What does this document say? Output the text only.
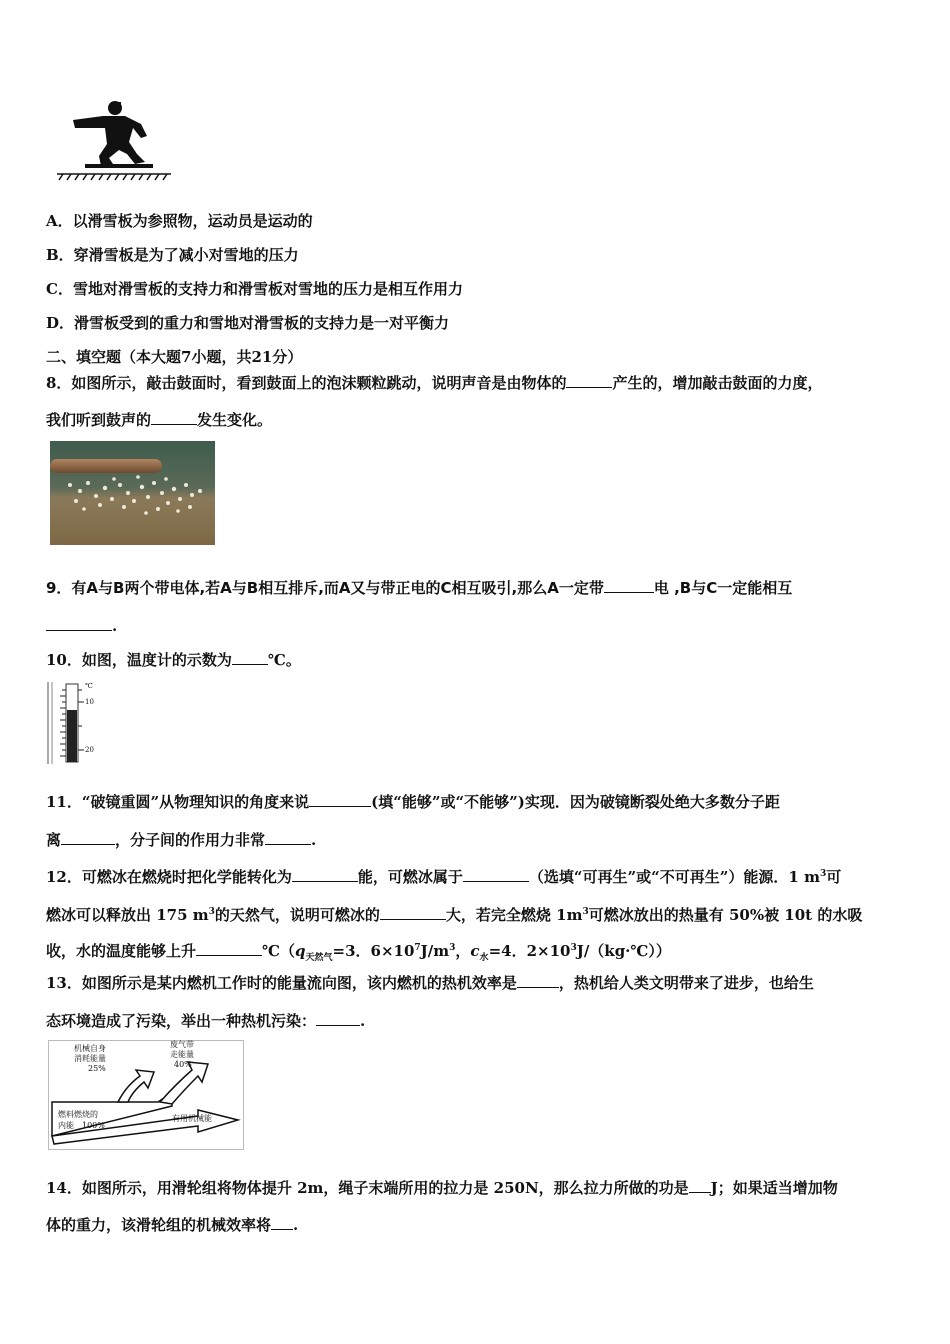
A．以滑雪板为参照物，运动员是运动的
B．穿滑雪板是为了减小对雪地的压力
C．雪地对滑雪板的支持力和滑雪板对雪地的压力是相互作用力
D．滑雪板受到的重力和雪地对滑雪板的支持力是一对平衡力
二、填空题（本大题7小题，共21分）
8．如图所示，敲击鼓面时，看到鼓面上的泡沫颗粒跳动，说明声音是由物体的	产生的，增加敲击鼓面的力度，
我们听到鼓声的	发生变化。
9．有A与B两个带电体,若A与B相互排斥,而A又与带正电的C相互吸引,那么A一定带	电 ,B与C一定能相互
.
10．如图，温度计的示数为 ℃。
℃
10
20
11．“破镜重圆”从物理知识的角度来说	(填“能够”或“不能够”)实现．因为破镜断裂处绝大多数分子距
离	，分子间的作用力非常	.
12．可燃冰在燃烧时把化学能转化为	能，可燃冰属于	（选填“可再生”或“不可再生”）能源．1 $m^3$可
燃冰可以释放出 175 $m^3$的天然气，说明可燃冰的	大，若完全燃烧 $1m^3$可燃冰放出的热量有 50%被 10t 的水吸
收，水的温度能够上升	$℃(q_{天然气}=3$．$6\times 10^7J/m^3$，$c_水=4$．$2\times 10^3J/(kg\cdot℃)$）
13．如图所示是某内燃机工作时的能量流向图，该内燃机的热机效率是	，热机给人类文明带来了进步，也给生
态环境造成了污染，举出一种热机污染：	.
机械自身
消耗能量
25%
废气带
走能量
40%
燃料燃烧的
内能　100%
有用机械能
14．如图所示，用滑轮组将物体提升 2m，绳子末端所用的拉力是 250N，那么拉力所做的功是 J；如果适当增加物
体的重力，该滑轮组的机械效率将 .
